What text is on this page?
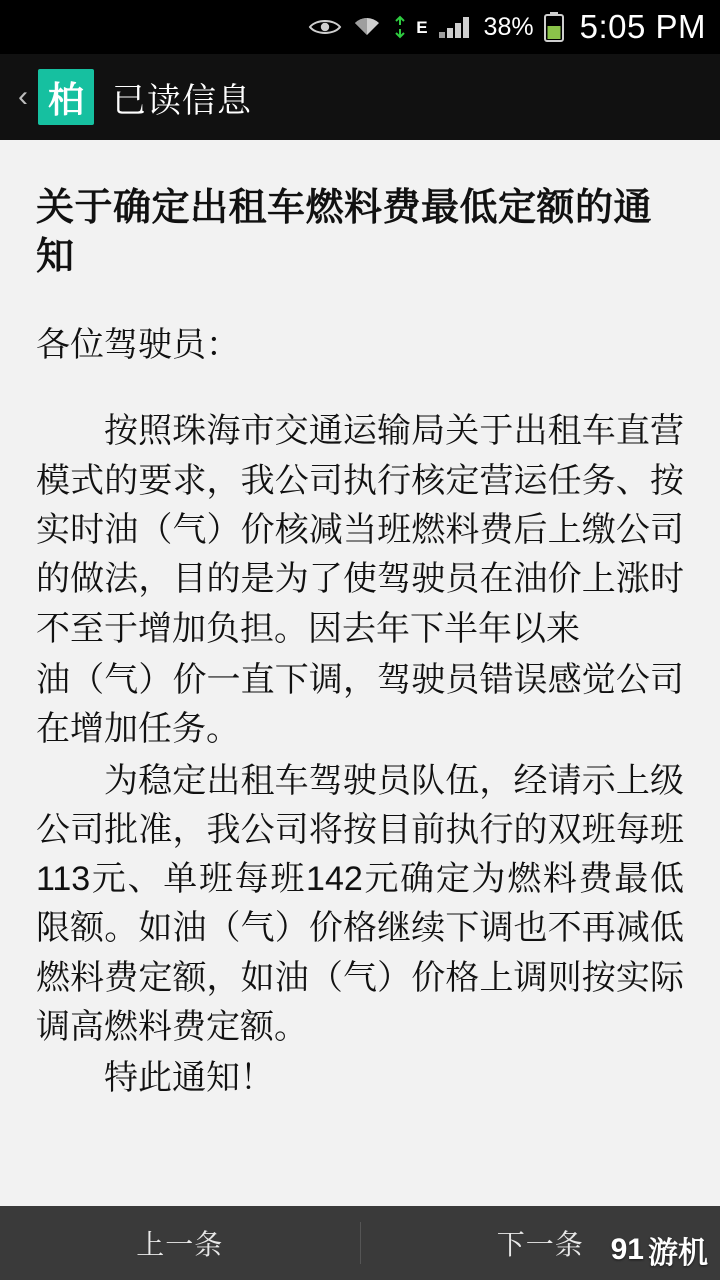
E 38% 5:05 PM
‹ 柏 已读信息
关于确定出租车燃料费最低定额的通知
各位驾驶员：
按照珠海市交通运输局关于出租车直营模式的要求，我公司执行核定营运任务、按实时油（气）价核减当班燃料费后上缴公司的做法，目的是为了使驾驶员在油价上涨时不至于增加负担。因去年下半年以来
油（气）价一直下调，驾驶员错误感觉公司在增加任务。
为稳定出租车驾驶员队伍，经请示上级公司批准，我公司将按目前执行的双班每班113元、单班每班142元确定为燃料费最低限额。如油（气）价格继续下调也不再减低燃料费定额，如油（气）价格上调则按实际调高燃料费定额。
特此通知！
上一条	下一条 91 游机
